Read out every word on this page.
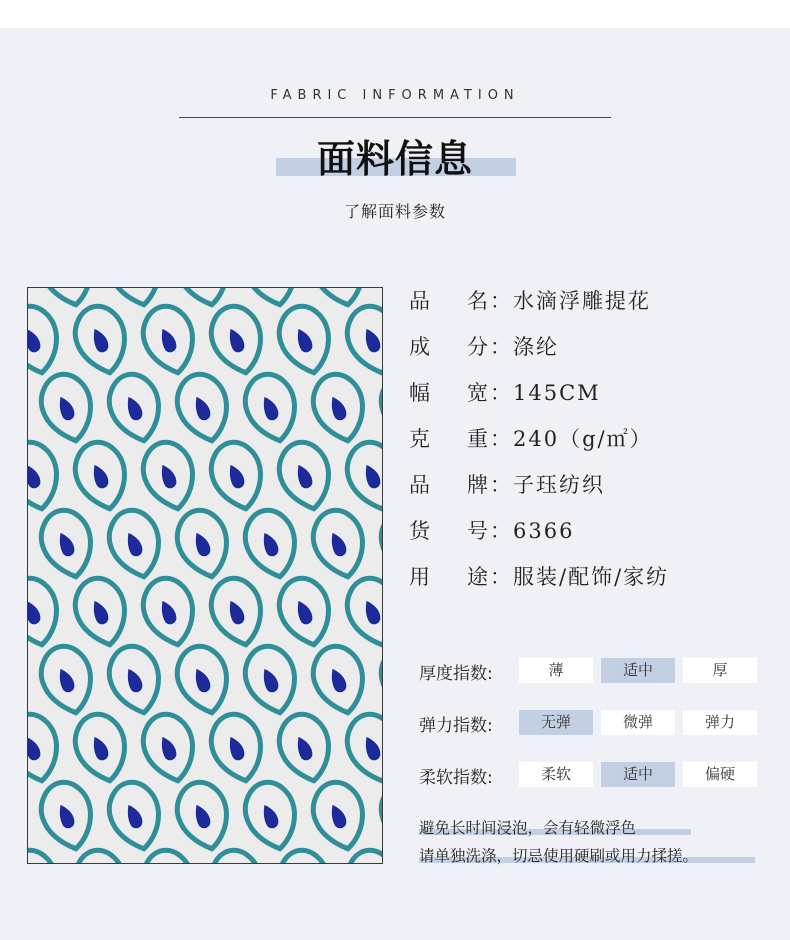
FABRIC INFORMATION
面料信息
了解面料参数
品 名：水滴浮雕提花
成 分：涤纶
幅 宽：145CM
克 重：240（g/㎡）
品 牌：子珏纺织
货 号：6366
用 途：服装/配饰/家纺
厚度指数:	薄	适中	厚
弹力指数:	无弹	微弹	弹力
柔软指数:	柔软	适中	偏硬
避免长时间浸泡，会有轻微浮色
请单独洗涤，切忌使用硬刷或用力揉搓。
